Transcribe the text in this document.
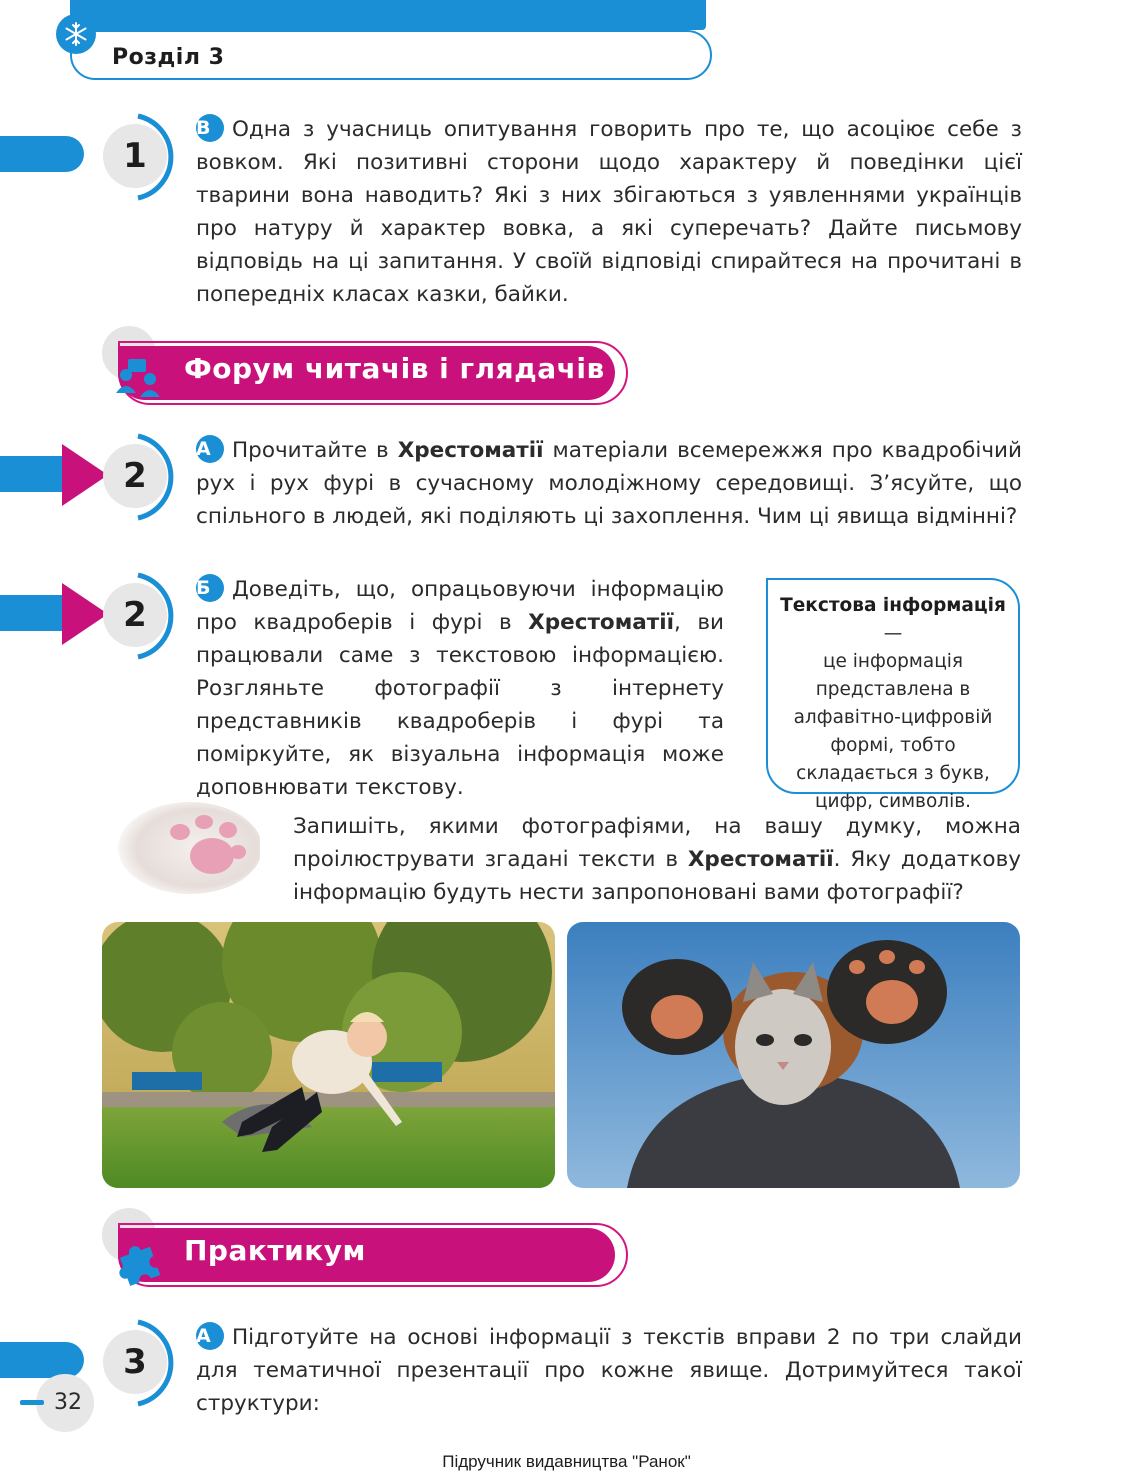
Розділ 3
1
В Одна з учасниць опитування говорить про те, що асоціює себе з вовком. Які позитивні сторони щодо характеру й поведінки цієї тварини вона наводить? Які з них збігаються з уявленнями українців про натуру й характер вовка, а які суперечать? Дайте письмову відповідь на ці запитання. У своїй відповіді спирайтеся на прочитані в попередніх класах казки, байки.
Форум читачів і глядачів
2
А Прочитайте в Хрестоматії матеріали всемережжя про квадробічий рух і рух фурі в сучасному молодіжному середовищі. З’ясуйте, що спільного в людей, які поділяють ці захоплення. Чим ці явища відмінні?
2
Б Доведіть, що, опрацьовуючи інформацію про квадроберів і фурі в Хрестоматії, ви працювали саме з текстовою інформацією. Розгляньте фотографії з інтернету представників квадроберів і фурі та поміркуйте, як візуальна інформація може доповнювати текстову.
Текстова інформація —
це інформація представлена в алфавітно-цифровій формі, тобто складається з букв, цифр, символів.
Запишіть, якими фотографіями, на вашу думку, можна проілюструвати згадані тексти в Хрестоматії. Яку додаткову інформацію будуть нести запропоновані вами фотографії?
Практикум
3
А Підготуйте на основі інформації з текстів вправи 2 по три слайди для тематичної презентації про кожне явище. Дотримуйтеся такої структури:
32
Підручник видавництва "Ранок"
